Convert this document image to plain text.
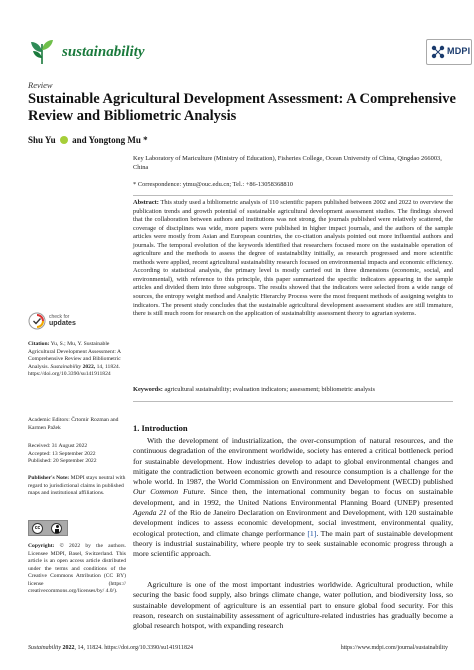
sustainability	MDPI
Review
Sustainable Agricultural Development Assessment: A Comprehensive Review and Bibliometric Analysis
Shu Yu and Yongtong Mu *
Key Laboratory of Mariculture (Ministry of Education), Fisheries College, Ocean University of China, Qingdao 266003, China
* Correspondence: ytmu@ouc.edu.cn; Tel.: +86-13058368810
Abstract: This study used a bibliometric analysis of 110 scientific papers published between 2002 and 2022 to overview the publication trends and growth potential of sustainable agricultural development assessment studies. The findings showed that the collaboration between authors and institutions was not strong, the journals published were relatively scattered, the coverage of disciplines was wide, more papers were published in higher impact journals, and the authors of the sample articles were mostly from Asian and European countries, the co-citation analysis pointed out more influential authors and journals. The temporal evolution of the keywords identified that researchers focused more on the sustainable operation of agriculture and the methods to assess the degree of sustainability initially, as research progressed and more scientific methods were applied, recent agricultural sustainability research focused on environmental impacts and economic efficiency. According to statistical analysis, the primary level is mostly carried out in three dimensions (economic, social, and environmental), with reference to this principle, this paper summarized the specific indicators appearing in the sample articles and divided them into three subgroups. The results showed that the indicators were selected from a wide range of sources, the entropy weight method and Analytic Hierarchy Process were the most frequent methods of assigning weights to indicators. The present study concludes that the sustainable agricultural development assessment studies are still immature, there is still much room for research on the application of sustainability assessment theory to agrarian systems.
Keywords: agricultural sustainability; evaluation indicators; assessment; bibliometric analysis
check for
updates
Citation: Yu, S.; Mu, Y. Sustainable Agricultural Development Assessment: A Comprehensive Review and Bibliometric Analysis. Sustainability 2022, 14, 11824. https://doi.org/10.3390/su141911824
Academic Editors: Črtomir Rozman and Karmen Pažek
Received: 31 August 2022
Accepted: 13 September 2022
Published: 20 September 2022
Publisher's Note: MDPI stays neutral with regard to jurisdictional claims in published maps and institutional affiliations.
cc
Copyright: © 2022 by the authors. Licensee MDPI, Basel, Switzerland. This article is an open access article distributed under the terms and conditions of the Creative Commons Attribution (CC BY) license (https:// creativecommons.org/licenses/by/ 4.0/).
1. Introduction

With the development of industrialization, the over-consumption of natural resources, and the continuous degradation of the environment worldwide, society has entered a critical bottleneck period for sustainable development. How industries develop to adapt to global environmental changes and mitigate the contradiction between economic growth and resource consumption is a challenge for the whole world. In 1987, the World Commission on Environment and Development (WECD) published Our Common Future. Since then, the international community began to focus on sustainable development, and in 1992, the United Nations Environmental Planning Board (UNEP) presented Agenda 21 of the Rio de Janeiro Declaration on Environment and Development, with 120 sustainable development indices to assess economic development, social investment, environmental quality, ecological protection, and climate change performance [1]. The main part of sustainable development theory is industrial sustainability, where people try to seek sustainable economic progress through a more scientific approach.

Agriculture is one of the most important industries worldwide. Agricultural production, while securing the basic food supply, also brings climate change, water pollution, and biodiversity loss, so sustainable development of agriculture is an essential part to ensure global food security. For this reason, research on sustainability assessment of agriculture-related industries has gradually become a global research hotspot, with expanding research

Sustainability 2022, 14, 11824. https://doi.org/10.3390/su141911824	https://www.mdpi.com/journal/sustainability
